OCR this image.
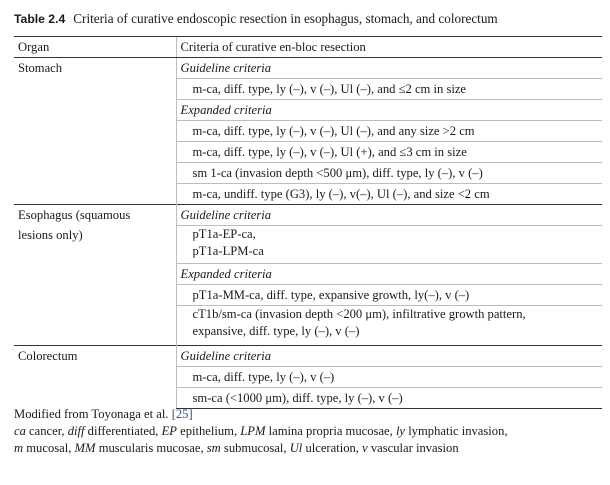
Table 2.4 Criteria of curative endoscopic resection in esophagus, stomach, and colorectum
Organ	Criteria of curative en-bloc resection
Stomach	Guideline criteria
	m-ca, diff. type, ly (–), v (–), Ul (–), and ≤2 cm in size
	Expanded criteria
	m-ca, diff. type, ly (–), v (–), Ul (–), and any size >2 cm
	m-ca, diff. type, ly (–), v (–), Ul (+), and ≤3 cm in size
	sm 1-ca (invasion depth <500 μm), diff. type, ly (–), v (–)
	m-ca, undiff. type (G3), ly (–), v(–), Ul (–), and size <2 cm

Esophagus (squamous
lesions only)	Guideline criteria

	pT1a-EP-ca,
pT1a-LPM-ca

	Expanded criteria
	pT1a-MM-ca, diff. type, expansive growth, ly(–), v (–)

	cT1b/sm-ca (invasion depth <200 μm), infiltrative growth pattern,
expansive, diff. type, ly (–), v (–)

Colorectum	Guideline criteria
	m-ca, diff. type, ly (–), v (–)
	sm-ca (<1000 μm), diff. type, ly (–), v (–)

Modified from Toyonaga et al. [25]

ca cancer, diff differentiated, EP epithelium, LPM lamina propria mucosae, ly lymphatic invasion,

m mucosal, MM muscularis mucosae, sm submucosal, Ul ulceration, v vascular invasion
